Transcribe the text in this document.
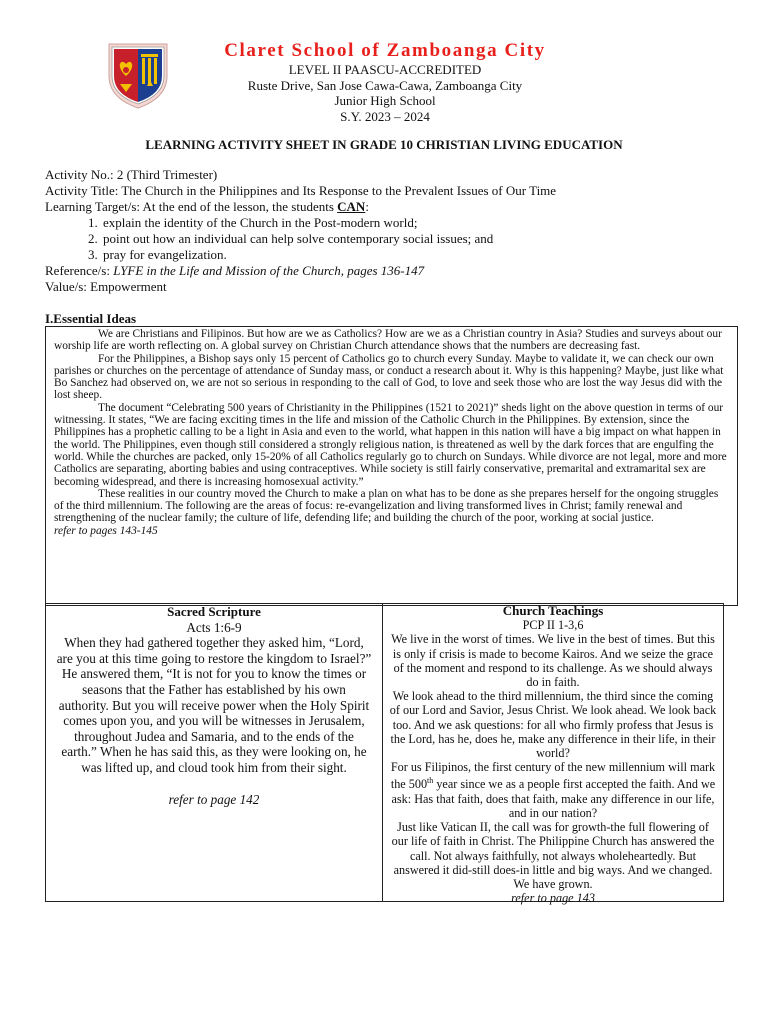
Claret School of Zamboanga City
LEVEL II PAASCU-ACCREDITED
Ruste Drive, San Jose Cawa-Cawa, Zamboanga City
Junior High School
S.Y. 2023 – 2024
LEARNING ACTIVITY SHEET IN GRADE 10 CHRISTIAN LIVING EDUCATION

Activity No.: 2 (Third Trimester)

Activity Title: The Church in the Philippines and Its Response to the Prevalent Issues of Our Time

Learning Target/s: At the end of the lesson, the students CAN:

1. explain the identity of the Church in the Post-modern world;
2. point out how an individual can help solve contemporary social issues; and
3. pray for evangelization.

Reference/s: LYFE in the Life and Mission of the Church, pages 136-147

Value/s: Empowerment

I.Essential Ideas

We are Christians and Filipinos. But how are we as Catholics? How are we as a Christian country in Asia? Studies and surveys about our worship life are worth reflecting on. A global survey on Christian Church attendance shows that the numbers are decreasing fast.

For the Philippines, a Bishop says only 15 percent of Catholics go to church every Sunday. Maybe to validate it, we can check our own parishes or churches on the percentage of attendance of Sunday mass, or conduct a research about it. Why is this happening? Maybe, just like what Bo Sanchez had observed on, we are not so serious in responding to the call of God, to love and seek those who are lost the way Jesus did with the lost sheep.

The document “Celebrating 500 years of Christianity in the Philippines (1521 to 2021)” sheds light on the above question in terms of our witnessing. It states, “We are facing exciting times in the life and mission of the Catholic Church in the Philippines. By extension, since the Philippines has a prophetic calling to be a light in Asia and even to the world, what happen in this nation will have a big impact on what happen in the world. The Philippines, even though still considered a strongly religious nation, is threatened as well by the dark forces that are engulfing the world. While the churches are packed, only 15-20% of all Catholics regularly go to church on Sundays. While divorce are not legal, more and more Catholics are separating, aborting babies and using contraceptives. While society is still fairly conservative, premarital and extramarital sex are becoming widespread, and there is increasing homosexual activity.”

These realities in our country moved the Church to make a plan on what has to be done as she prepares herself for the ongoing struggles of the third millennium. The following are the areas of focus: re-evangelization and living transformed lives in Christ; family renewal and strengthening of the nuclear family; the culture of life, defending life; and building the church of the poor, working at social justice.

refer to pages 143-145

Sacred Scripture

Acts 1:6-9

When they had gathered together they asked him, “Lord, are you at this time going to restore the kingdom to Israel?” He answered them, “It is not for you to know the times or seasons that the Father has established by his own authority. But you will receive power when the Holy Spirit comes upon you, and you will be witnesses in Jerusalem, throughout Judea and Samaria, and to the ends of the earth.” When he has said this, as they were looking on, he was lifted up, and cloud took him from their sight.

refer to page 142

Church Teachings

PCP II 1-3,6

We live in the worst of times. We live in the best of times. But this is only if crisis is made to become Kairos. And we seize the grace of the moment and respond to its challenge. As we should always do in faith.

We look ahead to the third millennium, the third since the coming of our Lord and Savior, Jesus Christ. We look ahead. We look back too. And we ask questions: for all who firmly profess that Jesus is the Lord, has he, does he, make any difference in their life, in their world?

For us Filipinos, the first century of the new millennium will mark the 500th year since we as a people first accepted the faith. And we ask: Has that faith, does that faith, make any difference in our life, and in our nation?

Just like Vatican II, the call was for growth-the full flowering of our life of faith in Christ. The Philippine Church has answered the call. Not always faithfully, not always wholeheartedly. But answered it did-still does-in little and big ways. And we changed. We have grown.

refer to page 143
